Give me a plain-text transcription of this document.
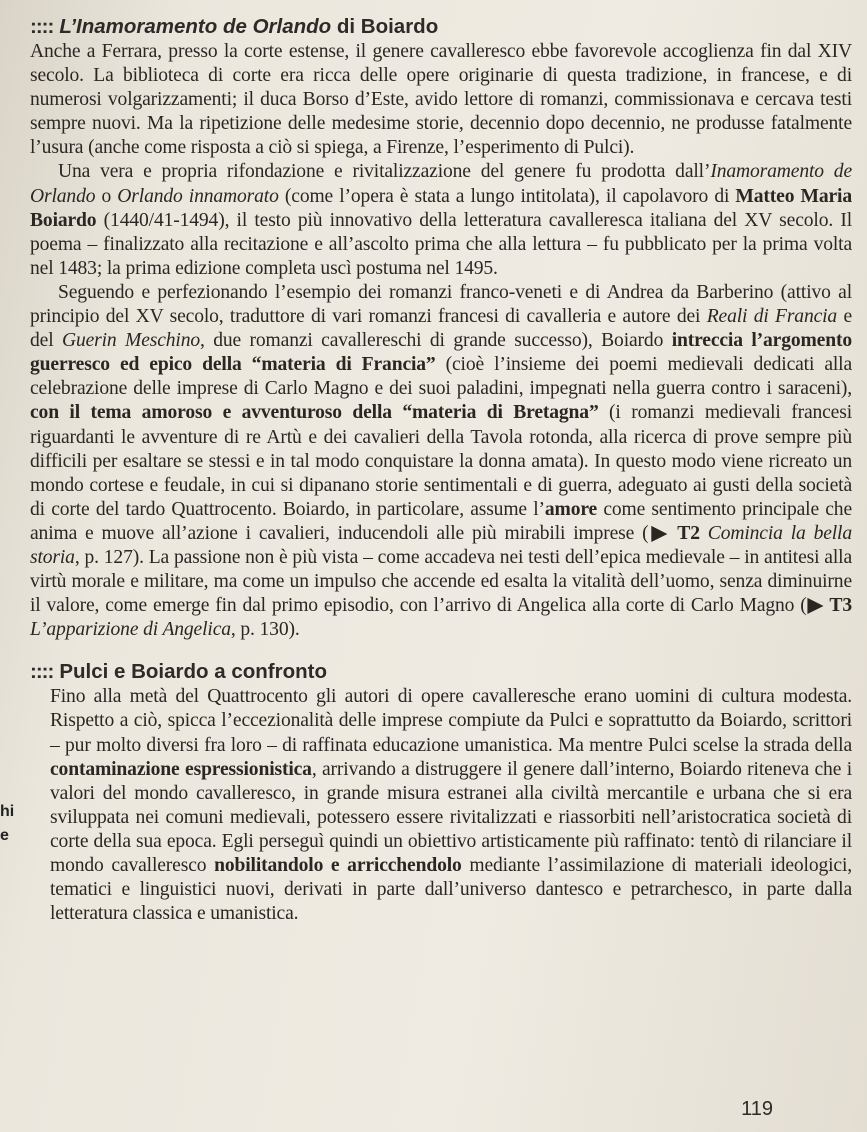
:::: L’Inamoramento de Orlando di Boiardo

Anche a Ferrara, presso la corte estense, il genere cavalleresco ebbe favorevole accoglienza fin dal XIV secolo. La biblioteca di corte era ricca delle opere originarie di questa tradizione, in francese, e di numerosi volgarizzamenti; il duca Borso d’Este, avido lettore di romanzi, commissionava e cercava testi sempre nuovi. Ma la ripetizione delle medesime storie, decennio dopo decennio, ne produsse fatalmente l’usura (anche come risposta a ciò si spiega, a Firenze, l’esperimento di Pulci).

Una vera e propria rifondazione e rivitalizzazione del genere fu prodotta dall’Inamoramento de Orlando o Orlando innamorato (come l’opera è stata a lungo intitolata), il capolavoro di Matteo Maria Boiardo (1440/41-1494), il testo più innovativo della letteratura cavalleresca italiana del XV secolo. Il poema – finalizzato alla recitazione e all’ascolto prima che alla lettura – fu pubblicato per la prima volta nel 1483; la prima edizione completa uscì postuma nel 1495.

Seguendo e perfezionando l’esempio dei romanzi franco-veneti e di Andrea da Barberino (attivo al principio del XV secolo, traduttore di vari romanzi francesi di cavalleria e autore dei Reali di Francia e del Guerin Meschino, due romanzi cavallereschi di grande successo), Boiardo intreccia l’argomento guerresco ed epico della “materia di Francia” (cioè l’insieme dei poemi medievali dedicati alla celebrazione delle imprese di Carlo Magno e dei suoi paladini, impegnati nella guerra contro i saraceni), con il tema amoroso e avventuroso della “materia di Bretagna” (i romanzi medievali francesi riguardanti le avventure di re Artù e dei cavalieri della Tavola rotonda, alla ricerca di prove sempre più difficili per esaltare se stessi e in tal modo conquistare la donna amata). In questo modo viene ricreato un mondo cortese e feudale, in cui si dipanano storie sentimentali e di guerra, adeguato ai gusti della società di corte del tardo Quattrocento. Boiardo, in particolare, assume l’amore come sentimento principale che anima e muove all’azione i cavalieri, inducendoli alle più mirabili imprese (▶ T2 Comincia la bella storia, p. 127). La passione non è più vista – come accadeva nei testi dell’epica medievale – in antitesi alla virtù morale e militare, ma come un impulso che accende ed esalta la vitalità dell’uomo, senza diminuirne il valore, come emerge fin dal primo episodio, con l’arrivo di Angelica alla corte di Carlo Magno (▶ T3 L’apparizione di Angelica, p. 130).

:::: Pulci e Boiardo a confronto

Fino alla metà del Quattrocento gli autori di opere cavalleresche erano uomini di cultura modesta. Rispetto a ciò, spicca l’eccezionalità delle imprese compiute da Pulci e soprattutto da Boiardo, scrittori – pur molto diversi fra loro – di raffinata educazione umanistica. Ma mentre Pulci scelse la strada della contaminazione espressionistica, arrivando a distruggere il genere dall’interno, Boiardo riteneva che i valori del mondo cavalleresco, in grande misura estranei alla civiltà mercantile e urbana che si era sviluppata nei comuni medievali, potessero essere rivitalizzati e riassorbiti nell’aristocratica società di corte della sua epoca. Egli perseguì quindi un obiettivo artisticamente più raffinato: tentò di rilanciare il mondo cavalleresco nobilitandolo e arricchendolo mediante l’assimilazione di materiali ideologici, tematici e linguistici nuovi, derivati in parte dall’universo dantesco e petrarchesco, in parte dalla letteratura classica e umanistica.

hi
e
119
